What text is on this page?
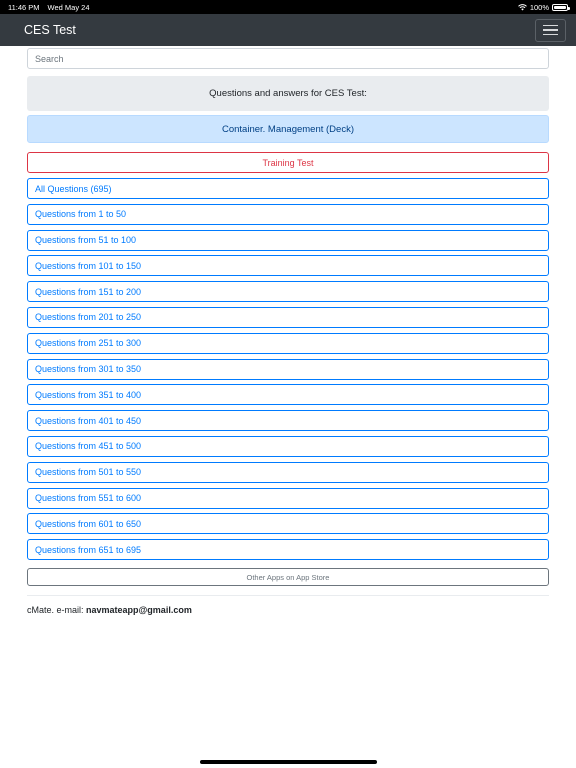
11:46 PM Wed May 24	100%
CES Test
Search
Questions and answers for CES Test:
Container. Management (Deck)
Training Test
All Questions (695)
Questions from 1 to 50
Questions from 51 to 100
Questions from 101 to 150
Questions from 151 to 200
Questions from 201 to 250
Questions from 251 to 300
Questions from 301 to 350
Questions from 351 to 400
Questions from 401 to 450
Questions from 451 to 500
Questions from 501 to 550
Questions from 551 to 600
Questions from 601 to 650
Questions from 651 to 695
Other Apps on App Store
cMate. e-mail: navmateapp@gmail.com
